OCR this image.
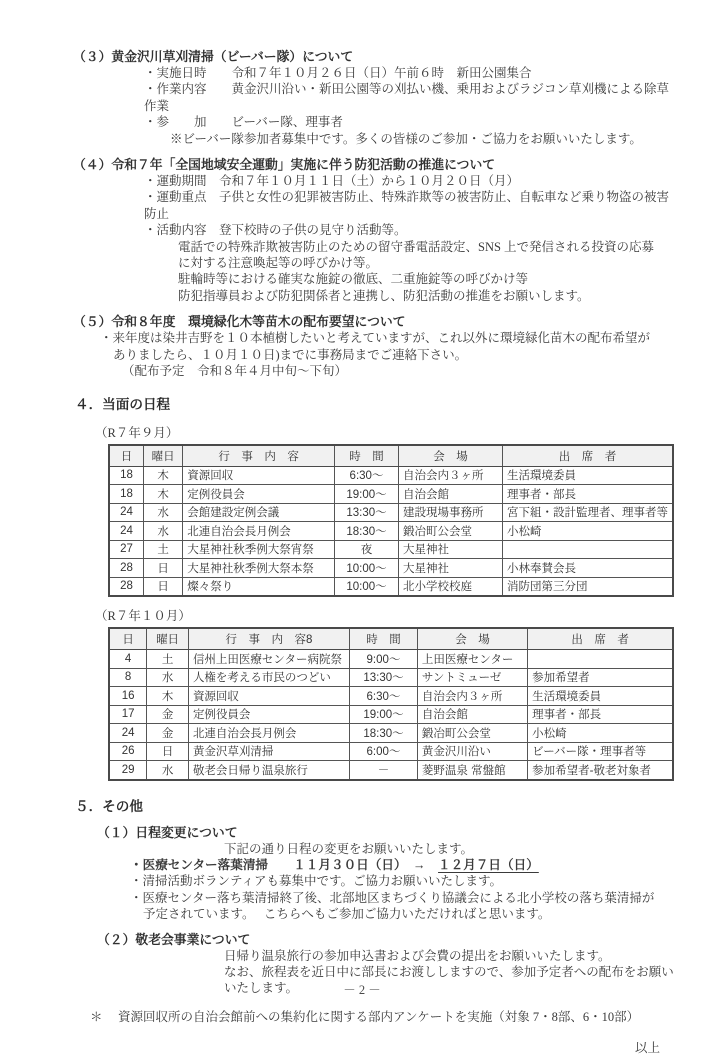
（３）黄金沢川草刈清掃（ビーバー隊）について
・実施日時　　令和７年１０月２６日（日）午前６時　新田公園集合
・作業内容　　黄金沢川沿い・新田公園等の刈払い機、乗用およびラジコン草刈機による除草作業
・参　　加　　ビーバー隊、理事者
※ビーバー隊参加者募集中です。多くの皆様のご参加・ご協力をお願いいたします。
（４）令和７年「全国地域安全運動」実施に伴う防犯活動の推進について
・運動期間　令和７年１０月１１日（土）から１０月２０日（月）
・運動重点　子供と女性の犯罪被害防止、特殊詐欺等の被害防止、自転車など乗り物盗の被害防止
・活動内容　登下校時の子供の見守り活動等。
電話での特殊詐欺被害防止のための留守番電話設定、SNS 上で発信される投資の応募
に対する注意喚起等の呼びかけ等。
駐輪時等における確実な施錠の徹底、二重施錠等の呼びかけ等
防犯指導員および防犯関係者と連携し、防犯活動の推進をお願いします。
（５）令和８年度　環境緑化木等苗木の配布要望について
・来年度は染井吉野を１０本植樹したいと考えていますが、これ以外に環境緑化苗木の配布希望が
ありましたら、１０月１０日)までに事務局までご連絡下さい。
（配布予定　令和８年４月中旬～下旬）
４．当面の日程
（R７年９月）
日	曜日	行　事　内　容	時　間	会　場	出　席　者
18	木	資源回収	6:30～	自治会内３ヶ所	生活環境委員
18	木	定例役員会	19:00～	自治会館	理事者・部長
24	水	会館建設定例会議	13:30～	建設現場事務所	宮下組・設計監理者、理事者等
24	水	北連自治会長月例会	18:30～	鍛冶町公会堂	小松崎
27	土	大星神社秋季例大祭宵祭	夜	大星神社	
28	日	大星神社秋季例大祭本祭	10:00～	大星神社	小林奉賛会長
28	日	燦々祭り	10:00～	北小学校校庭	消防団第三分団
（R７年１０月）
日	曜日	行　事　内　容8	時　間	会　場	出　席　者
4	土	信州上田医療センター病院祭	9:00～	上田医療センター	
8	水	人権を考える市民のつどい	13:30～	サントミューゼ	参加希望者
16	木	資源回収	6:30～	自治会内３ヶ所	生活環境委員
17	金	定例役員会	19:00～	自治会館	理事者・部長
24	金	北連自治会長月例会	18:30～	鍛冶町公会堂	小松崎
26	日	黄金沢草刈清掃	6:00～	黄金沢川沿い	ビーバー隊・理事者等
29	水	敬老会日帰り温泉旅行	－	菱野温泉 常盤館	参加希望者-敬老対象者
５．その他
（１）日程変更について
下記の通り日程の変更をお願いいたします。
・医療センター落葉清掃　　１１月３０日（日）　→　１２月７日（日）
・清掃活動ボランティアも募集中です。ご協力お願いいたします。
・医療センター落ち葉清掃終了後、北部地区まちづくり協議会による北小学校の落ち葉清掃が
予定されています。　 こちらへもご参加ご協力いただければと思います。
（２）敬老会事業について
日帰り温泉旅行の参加申込書および会費の提出をお願いいたします。
なお、旅程表を近日中に部長にお渡ししますので、参加予定者への配布をお願いいたします。
＊	資源回収所の自治会館前への集約化に関する部内アンケートを実施（対象 7・8部、6・10部）
以上
－ 2 －
